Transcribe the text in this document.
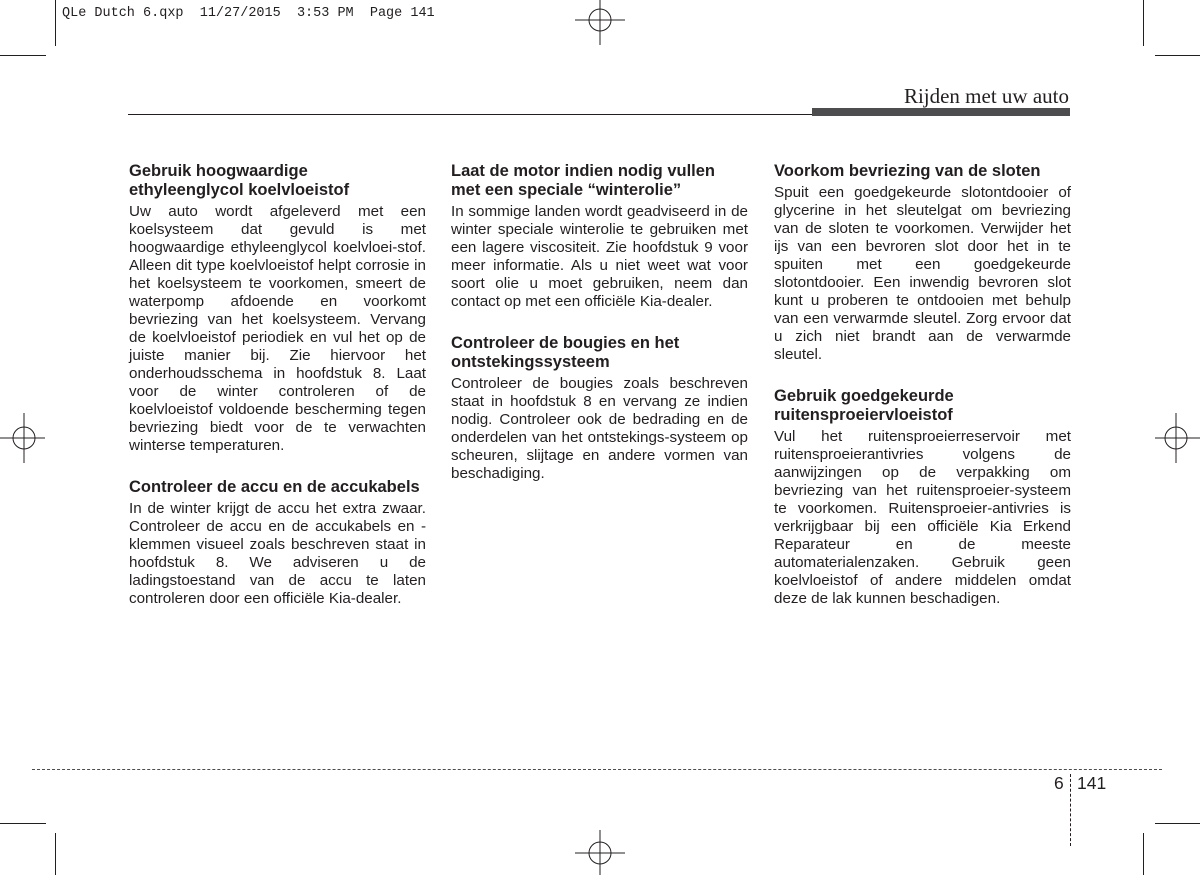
QLe Dutch 6.qxp  11/27/2015  3:53 PM  Page 141
Rijden met uw auto
Gebruik hoogwaardige ethyleenglycol koelvloeistof

Uw auto wordt afgeleverd met een koelsysteem dat gevuld is met hoogwaardige ethyleenglycol koelvloei-stof. Alleen dit type koelvloeistof helpt corrosie in het koelsysteem te voorkomen, smeert de waterpomp afdoende en voorkomt bevriezing van het koelsysteem. Vervang de koelvloeistof periodiek en vul het op de juiste manier bij. Zie hiervoor het onderhoudsschema in hoofdstuk 8. Laat voor de winter controleren of de koelvloeistof voldoende bescherming tegen bevriezing biedt voor de te verwachten winterse temperaturen.

Controleer de accu en de accukabels

In de winter krijgt de accu het extra zwaar. Controleer de accu en de accukabels en -klemmen visueel zoals beschreven staat in hoofdstuk 8. We adviseren u de ladingstoestand van de accu te laten controleren door een officiële Kia-dealer.

Laat de motor indien nodig vullen met een speciale “winterolie”

In sommige landen wordt geadviseerd in de winter speciale winterolie te gebruiken met een lagere viscositeit. Zie hoofdstuk 9 voor meer informatie. Als u niet weet wat voor soort olie u moet gebruiken, neem dan contact op met een officiële Kia-dealer.

Controleer de bougies en het ontstekingssysteem

Controleer de bougies zoals beschreven staat in hoofdstuk 8 en vervang ze indien nodig. Controleer ook de bedrading en de onderdelen van het ontstekings-systeem op scheuren, slijtage en andere vormen van beschadiging.

Voorkom bevriezing van de sloten

Spuit een goedgekeurde slotontdooier of glycerine in het sleutelgat om bevriezing van de sloten te voorkomen. Verwijder het ijs van een bevroren slot door het in te spuiten met een goedgekeurde slotontdooier. Een inwendig bevroren slot kunt u proberen te ontdooien met behulp van een verwarmde sleutel. Zorg ervoor dat u zich niet brandt aan de verwarmde sleutel.

Gebruik goedgekeurde ruitensproeiervloeistof

Vul het ruitensproeierreservoir met ruitensproeierantivries volgens de aanwijzingen op de verpakking om bevriezing van het ruitensproeier-systeem te voorkomen. Ruitensproeier-antivries is verkrijgbaar bij een officiële Kia Erkend Reparateur en de meeste automaterialenzaken. Gebruik geen koelvloeistof of andere middelen omdat deze de lak kunnen beschadigen.

6 141
